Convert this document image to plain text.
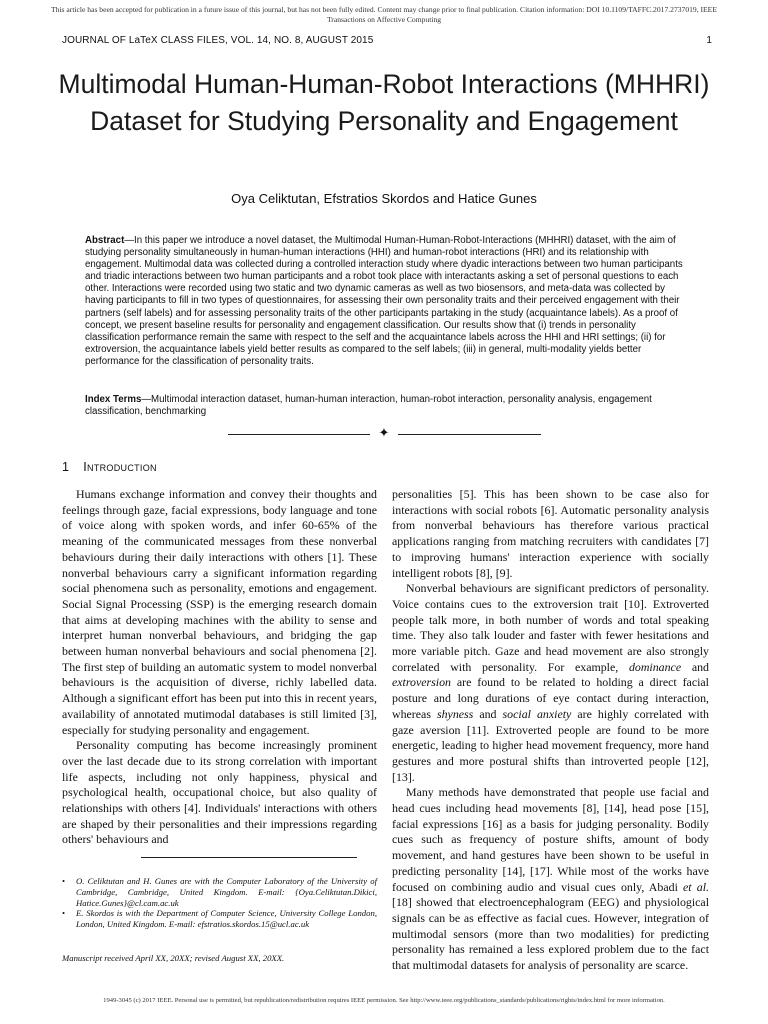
This article has been accepted for publication in a future issue of this journal, but has not been fully edited. Content may change prior to final publication. Citation information: DOI 10.1109/TAFFC.2017.2737019, IEEE
Transactions on Affective Computing
JOURNAL OF LaTeX CLASS FILES, VOL. 14, NO. 8, AUGUST 2015	1
Multimodal Human-Human-Robot Interactions (MHHRI) Dataset for Studying Personality and Engagement
Oya Celiktutan, Efstratios Skordos and Hatice Gunes

Abstract—In this paper we introduce a novel dataset, the Multimodal Human-Human-Robot-Interactions (MHHRI) dataset, with the aim of studying personality simultaneously in human-human interactions (HHI) and human-robot interactions (HRI) and its relationship with engagement. Multimodal data was collected during a controlled interaction study where dyadic interactions between two human participants and triadic interactions between two human participants and a robot took place with interactants asking a set of personal questions to each other. Interactions were recorded using two static and two dynamic cameras as well as two biosensors, and meta-data was collected by having participants to fill in two types of questionnaires, for assessing their own personality traits and their perceived engagement with their partners (self labels) and for assessing personality traits of the other participants partaking in the study (acquaintance labels). As a proof of concept, we present baseline results for personality and engagement classification. Our results show that (i) trends in personality classification performance remain the same with respect to the self and the acquaintance labels across the HHI and HRI settings; (ii) for extroversion, the acquaintance labels yield better results as compared to the self labels; (iii) in general, multi-modality yields better performance for the classification of personality traits.

Index Terms—Multimodal interaction dataset, human-human interaction, human-robot interaction, personality analysis, engagement classification, benchmarking

✦
1 Introduction

Humans exchange information and convey their thoughts and feelings through gaze, facial expressions, body language and tone of voice along with spoken words, and infer 60-65% of the meaning of the communicated messages from these nonverbal behaviours during their daily interactions with others [1]. These nonverbal behaviours carry a significant information regarding social phenomena such as personality, emotions and engagement. Social Signal Processing (SSP) is the emerging research domain that aims at developing machines with the ability to sense and interpret human nonverbal behaviours, and bridging the gap between human nonverbal behaviours and social phenomena [2]. The first step of building an automatic system to model nonverbal behaviours is the acquisition of diverse, richly labelled data. Although a significant effort has been put into this in recent years, availability of annotated mutimodal databases is still limited [3], especially for studying personality and engagement.

Personality computing has become increasingly prominent over the last decade due to its strong correlation with important life aspects, including not only happiness, physical and psychological health, occupational choice, but also quality of relationships with others [4]. Individuals' interactions with others are shaped by their personalities and their impressions regarding others' behaviours and

• O. Celiktutan and H. Gunes are with the Computer Laboratory of the University of Cambridge, Cambridge, United Kingdom. E-mail: {Oya.Celiktutan.Dikici, Hatice.Gunes}@cl.cam.ac.uk
• E. Skordos is with the Department of Computer Science, University College London, London, United Kingdom. E-mail: efstratios.skordos.15@ucl.ac.uk
Manuscript received April XX, 20XX; revised August XX, 20XX.

personalities [5]. This has been shown to be case also for interactions with social robots [6]. Automatic personality analysis from nonverbal behaviours has therefore various practical applications ranging from matching recruiters with candidates [7] to improving humans' interaction experience with socially intelligent robots [8], [9].

Nonverbal behaviours are significant predictors of personality. Voice contains cues to the extroversion trait [10]. Extroverted people talk more, in both number of words and total speaking time. They also talk louder and faster with fewer hesitations and more variable pitch. Gaze and head movement are also strongly correlated with personality. For example, dominance and extroversion are found to be related to holding a direct facial posture and long durations of eye contact during interaction, whereas shyness and social anxiety are highly correlated with gaze aversion [11]. Extroverted people are found to be more energetic, leading to higher head movement frequency, more hand gestures and more postural shifts than introverted people [12], [13].

Many methods have demonstrated that people use facial and head cues including head movements [8], [14], head pose [15], facial expressions [16] as a basis for judging personality. Bodily cues such as frequency of posture shifts, amount of body movement, and hand gestures have been shown to be useful in predicting personality [14], [17]. While most of the works have focused on combining audio and visual cues only, Abadi et al. [18] showed that electroencephalogram (EEG) and physiological signals can be as effective as facial cues. However, integration of multimodal sensors (more than two modalities) for predicting personality has remained a less explored problem due to the fact that multimodal datasets for analysis of personality are scarce.

1949-3045 (c) 2017 IEEE. Personal use is permitted, but republication/redistribution requires IEEE permission. See http://www.ieee.org/publications_standards/publications/rights/index.html for more information.
